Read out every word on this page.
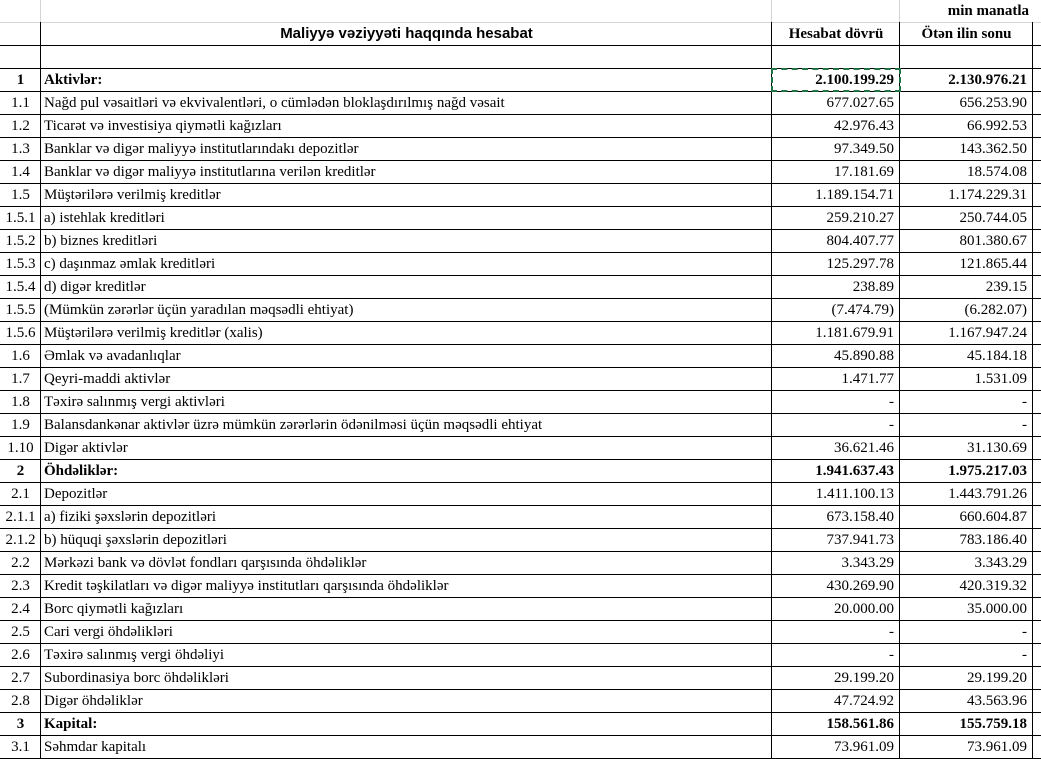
min manatla
Maliyyə vəziyyəti haqqında hesabat	Hesabat dövrü	Ötən ilin sonu
1	Aktivlər:	2.100.199.29	2.130.976.21
1.1 Nağd pul vəsaitləri və ekvivalentləri, o cümlədən bloklaşdırılmış nağd vəsait	677.027.65	656.253.90
1.2 Ticarət və investisiya qiymətli kağızları	42.976.43	66.992.53
1.3 Banklar və digər maliyyə institutlarındakı depozitlər	97.349.50	143.362.50
1.4 Banklar və digər maliyyə institutlarına verilən kreditlər	17.181.69	18.574.08
1.5 Müştərilərə verilmiş kreditlər	1.189.154.71	1.174.229.31
1.5.1 a) istehlak kreditləri	259.210.27	250.744.05
1.5.2 b) biznes kreditləri	804.407.77	801.380.67
1.5.3 c) daşınmaz əmlak kreditləri	125.297.78	121.865.44
1.5.4 d) digər kreditlər	238.89	239.15
1.5.5 (Mümkün zərərlər üçün yaradılan məqsədli ehtiyat)	(7.474.79)	(6.282.07)
1.5.6 Müştərilərə verilmiş kreditlər (xalis)	1.181.679.91	1.167.947.24
1.6 Əmlak və avadanlıqlar	45.890.88	45.184.18
1.7 Qeyri-maddi aktivlər	1.471.77	1.531.09
1.8 Təxirə salınmış vergi aktivləri	-	-
1.9 Balansdankənar aktivlər üzrə mümkün zərərlərin ödənilməsi üçün məqsədli ehtiyat	-	-
1.10 Digər aktivlər	36.621.46	31.130.69
2	Öhdəliklər:	1.941.637.43	1.975.217.03
2.1 Depozitlər	1.411.100.13	1.443.791.26
2.1.1 a) fiziki şəxslərin depozitləri	673.158.40	660.604.87
2.1.2 b) hüquqi şəxslərin depozitləri	737.941.73	783.186.40
2.2 Mərkəzi bank və dövlət fondları qarşısında öhdəliklər	3.343.29	3.343.29
2.3 Kredit təşkilatları və digər maliyyə institutları qarşısında öhdəliklər	430.269.90	420.319.32
2.4 Borc qiymətli kağızları	20.000.00	35.000.00
2.5 Cari vergi öhdəlikləri	-	-
2.6 Təxirə salınmış vergi öhdəliyi	-	-
2.7 Subordinasiya borc öhdəlikləri	29.199.20	29.199.20
2.8 Digər öhdəliklər	47.724.92	43.563.96
3	Kapital:	158.561.86	155.759.18
3.1 Səhmdar kapitalı	73.961.09	73.961.09
